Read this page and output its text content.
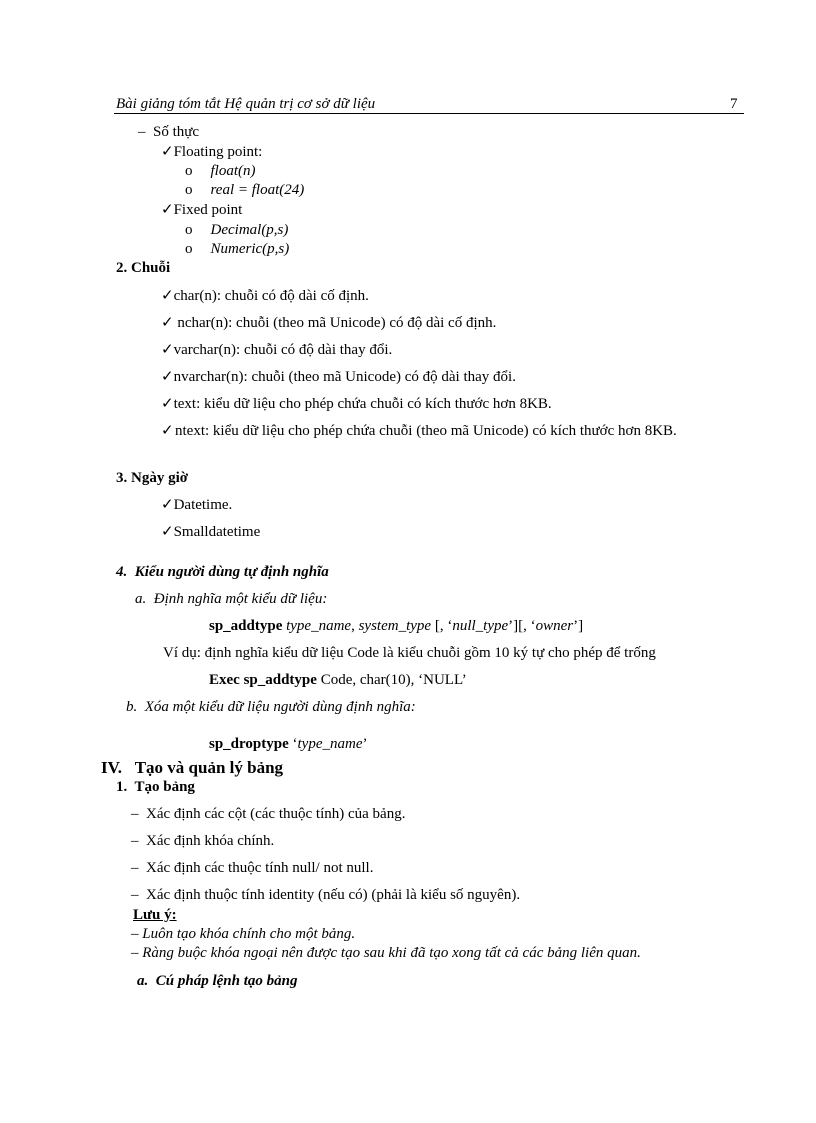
Bài giảng tóm tắt Hệ quản trị cơ sở dữ liệu	7
– Số thực
✓Floating point:
o float(n)
o real = float(24)
✓Fixed point
o Decimal(p,s)
o Numeric(p,s)
2. Chuỗi
✓char(n): chuỗi có độ dài cố định.
✓ nchar(n): chuỗi (theo mã Unicode) có độ dài cố định.
✓varchar(n): chuỗi có độ dài thay đổi.
✓nvarchar(n): chuỗi (theo mã Unicode) có độ dài thay đổi.
✓text: kiểu dữ liệu cho phép chứa chuỗi có kích thước hơn 8KB.
✓ ntext: kiểu dữ liệu cho phép chứa chuỗi (theo mã Unicode) có kích thước hơn 8KB.
3. Ngày giờ
✓Datetime.
✓Smalldatetime
4. Kiểu người dùng tự định nghĩa
a. Định nghĩa một kiểu dữ liệu:
sp_addtype type_name, system_type [, ‘null_type’][, ‘owner’]
Ví dụ: định nghĩa kiểu dữ liệu Code là kiểu chuỗi gồm 10 ký tự cho phép để trống
Exec sp_addtype Code, char(10), ‘NULL’
b. Xóa một kiểu dữ liệu người dùng định nghĩa:
sp_droptype ‘type_name’
IV. Tạo và quản lý bảng
1.  Tạo bảng
– Xác định các cột (các thuộc tính) của bảng.
– Xác định khóa chính.
– Xác định các thuộc tính null/ not null.
– Xác định thuộc tính identity (nếu có) (phải là kiểu số nguyên).
Lưu ý:
– Luôn tạo khóa chính cho một bảng.
– Ràng buộc khóa ngoại nên được tạo sau khi đã tạo xong tất cả các bảng liên quan.
a. Cú pháp lệnh tạo bảng
